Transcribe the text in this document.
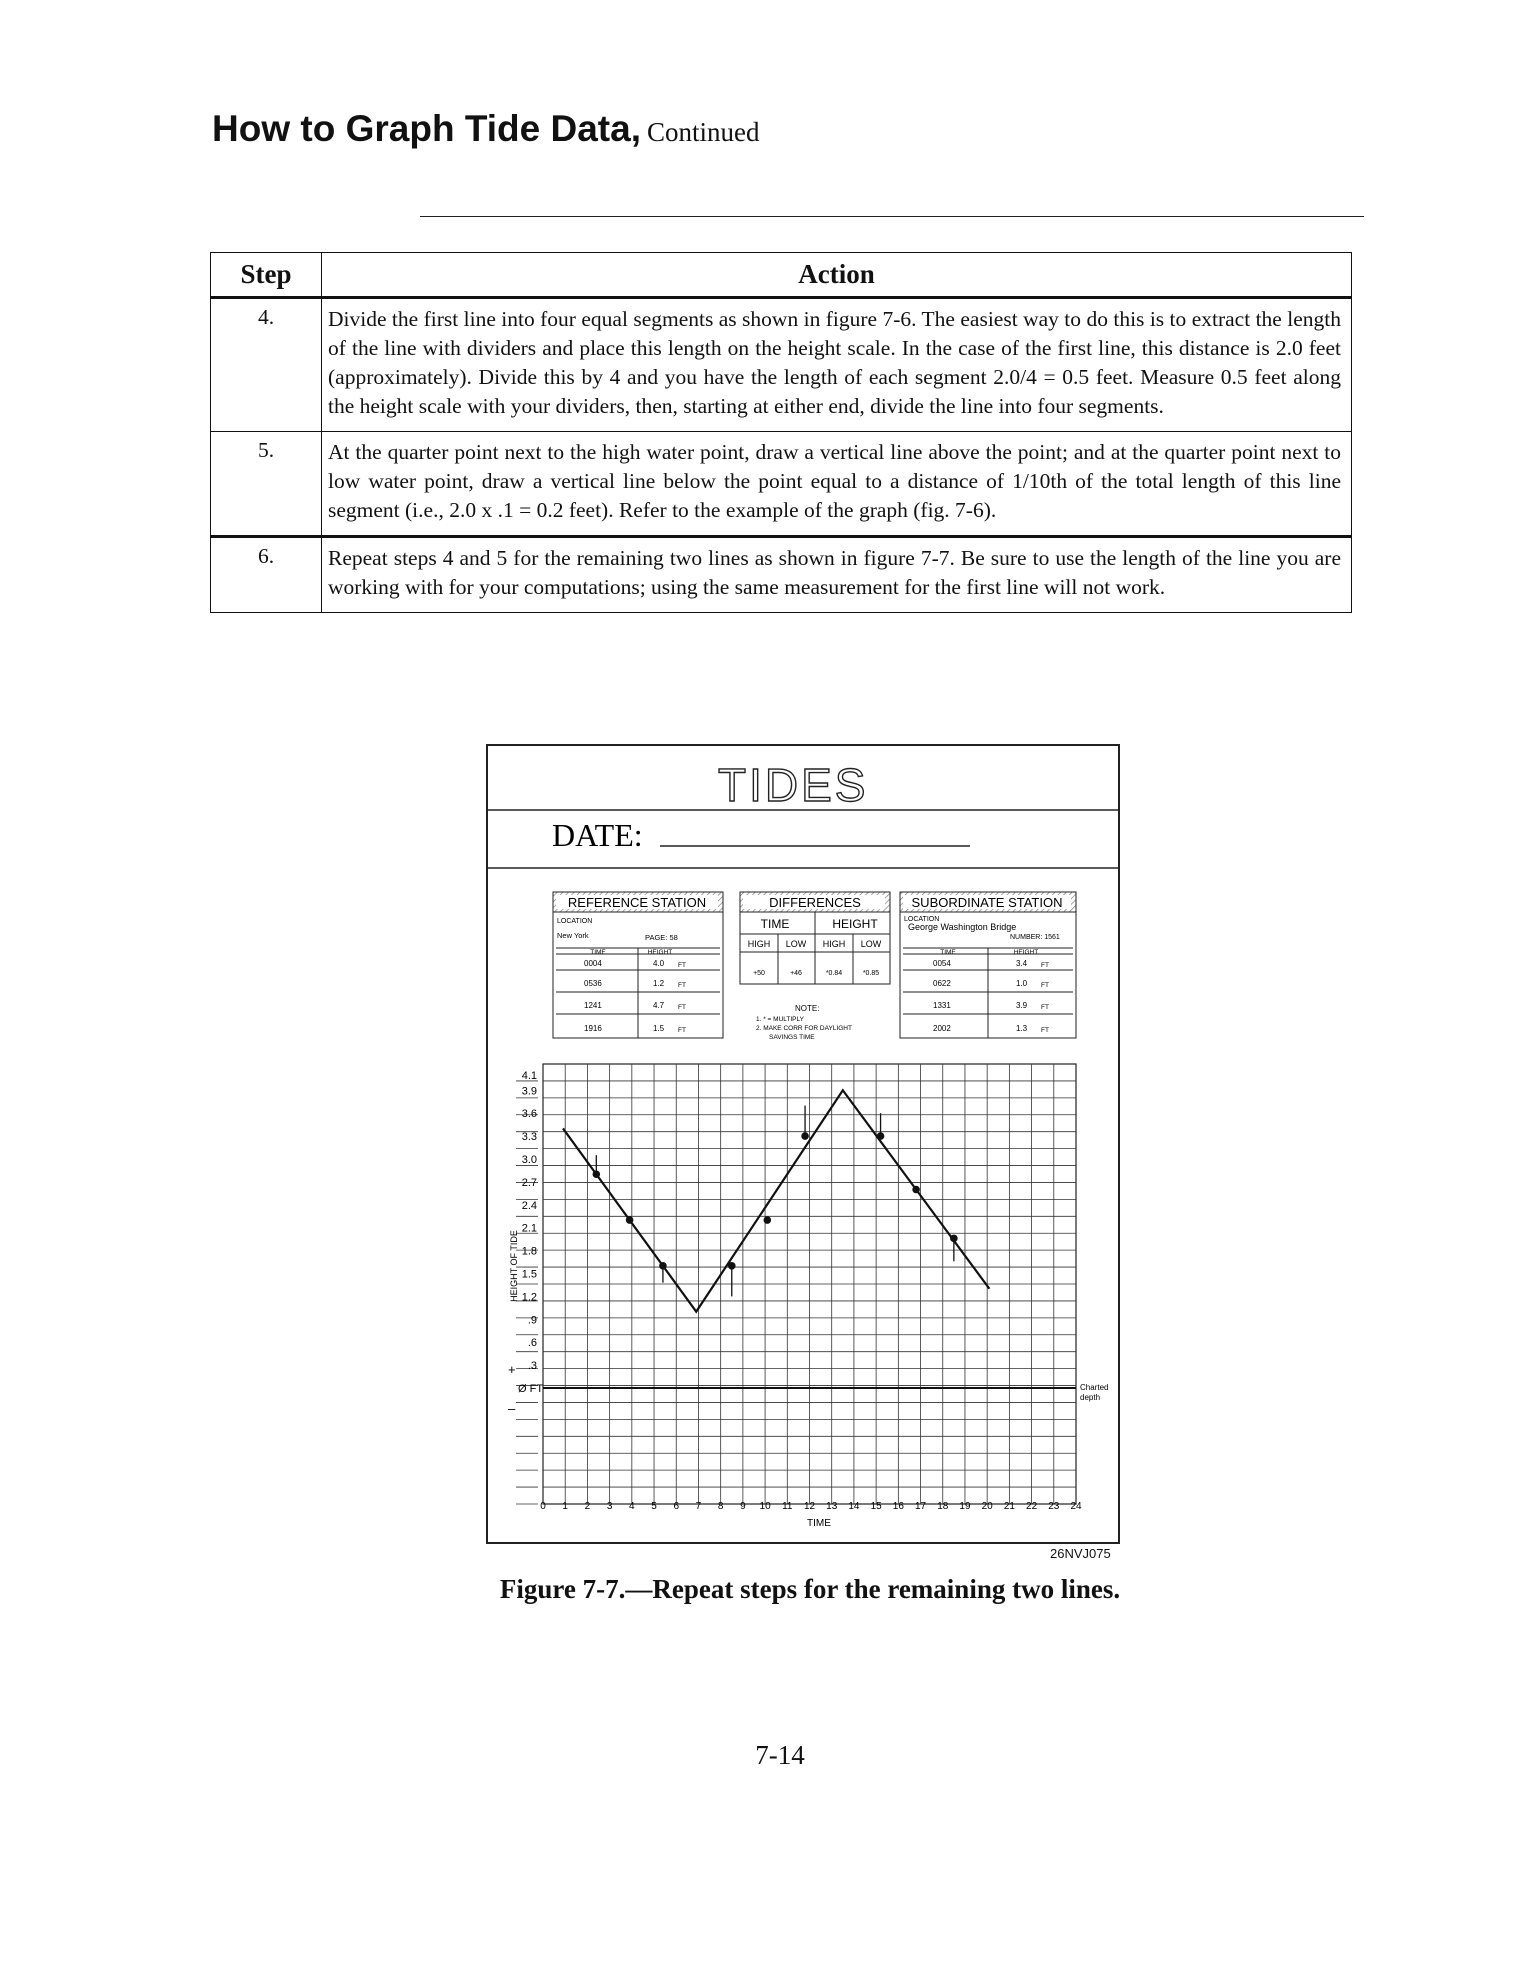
How to Graph Tide Data, Continued
Step	Action
4.	Divide the first line into four equal segments as shown in figure 7-6. The easiest way to do this is to extract the length of the line with dividers and place this length on the height scale. In the case of the first line, this distance is 2.0 feet (approximately). Divide this by 4 and you have the length of each segment 2.0/4 = 0.5 feet. Measure 0.5 feet along the height scale with your dividers, then, starting at either end, divide the line into four segments.
5.	At the quarter point next to the high water point, draw a vertical line above the point; and at the quarter point next to low water point, draw a vertical line below the point equal to a distance of 1/10th of the total length of this line segment (i.e., 2.0 x .1 = 0.2 feet). Refer to the example of the graph (fig. 7-6).
6.	Repeat steps 4 and 5 for the remaining two lines as shown in figure 7-7. Be sure to use the length of the line you are working with for your computations; using the same measurement for the first line will not work.
TIDES
DATE:
REFERENCE STATION
LOCATION
New York	PAGE: 58
TIME	HEIGHT
0004	4.0 FT
0536	1.2 FT
1241	4.7 FT
1916	1.5 FT
DIFFERENCES
TIME	HEIGHT
HIGH LOW HIGH LOW
+50	+46	*0.84	*0.85
NOTE:
1. * = MULTIPLY
2. MAKE CORR FOR DAYLIGHT
SAVINGS TIME
SUBORDINATE STATION
LOCATION
George Washington Bridge
NUMBER: 1561
TIME	HEIGHT
0054	3.4 FT
0622	1.0 FT
1331	3.9 FT
2002	1.3 FT
4.1
3.9
3.6
3.3
3.0
2.7
2.4
2.1
1.8
1.5
1.2
.9
.6
.3
0 1 2 3 4 5 6 7 8 9 10 11 12 13 14 15 16 17 18 19 20 21 22 23 24
HEIGHT OF TIDE
+
–
Ø FT	Charted
depth
TIME
26NVJ075
Figure 7-7.—Repeat steps for the remaining two lines.
7-14
